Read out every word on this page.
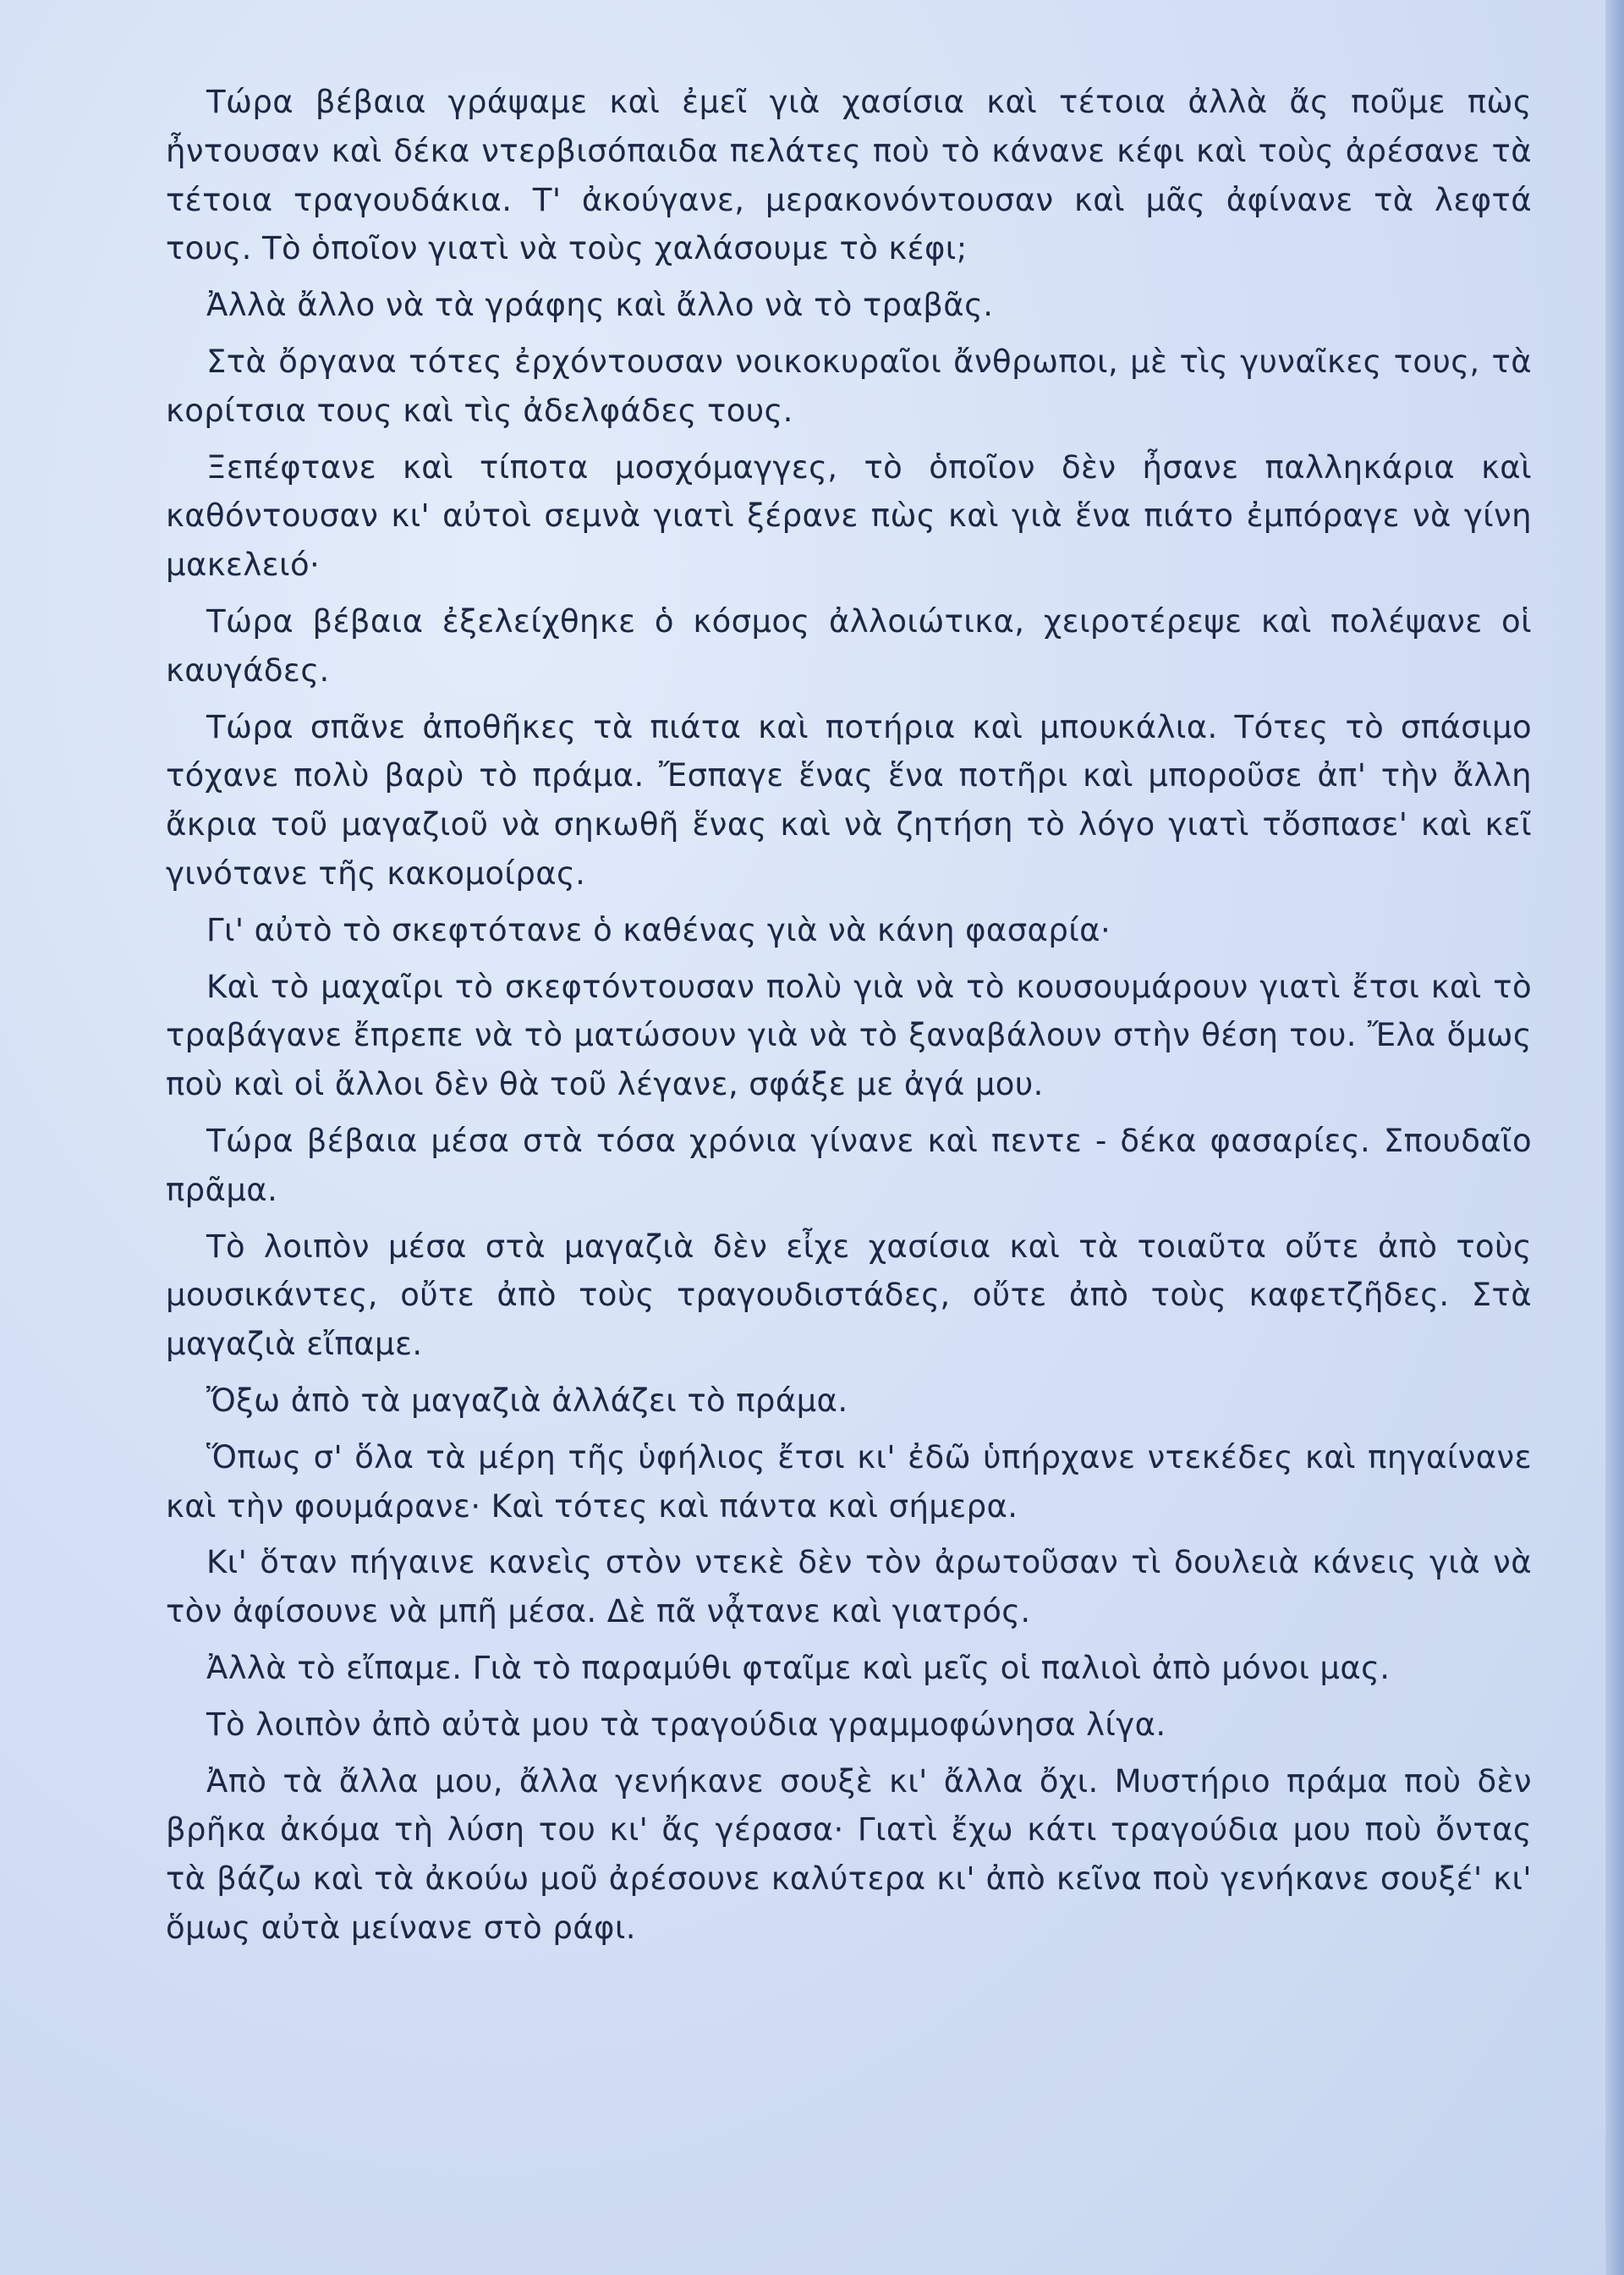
Τώρα βέβαια γράψαμε καὶ ἐμεῖ γιὰ χασίσια καὶ τέτοια ἀλλὰ ἄς ποῦμε πὼς ἦντουσαν καὶ δέκα ντερβισόπαιδα πελάτες ποὺ τὸ κάνανε κέφι καὶ τοὺς ἀρέσανε τὰ τέτοια τραγουδάκια. Τ' ἀκούγανε, μερακονόντουσαν καὶ μᾶς ἀφίνανε τὰ λεφτά τους. Τὸ ὁποῖον γιατὶ νὰ τοὺς χαλάσουμε τὸ κέφι;

Ἀλλὰ ἄλλο νὰ τὰ γράφης καὶ ἄλλο νὰ τὸ τραβᾶς.

Στὰ ὄργανα τότες ἐρχόντουσαν νοικοκυραῖοι ἄνθρωποι, μὲ τὶς γυναῖκες τους, τὰ κορίτσια τους καὶ τὶς ἀδελφάδες τους.

Ξεπέφτανε καὶ τίποτα μοσχόμαγγες, τὸ ὁποῖον δὲν ἦσανε παλληκάρια καὶ καθόντουσαν κι' αὐτοὶ σεμνὰ γιατὶ ξέρανε πὼς καὶ γιὰ ἕνα πιάτο ἐμπόραγε νὰ γίνη μακελειό·

Τώρα βέβαια ἐξελείχθηκε ὁ κόσμος ἀλλοιώτικα, χειροτέρεψε καὶ πολέψανε οἱ καυγάδες.

Τώρα σπᾶνε ἀποθῆκες τὰ πιάτα καὶ ποτήρια καὶ μπουκάλια. Τότες τὸ σπάσιμο τόχανε πολὺ βαρὺ τὸ πράμα. Ἔσπαγε ἕνας ἕνα ποτῆρι καὶ μποροῦσε ἀπ' τὴν ἄλλη ἄκρια τοῦ μαγαζιοῦ νὰ σηκωθῆ ἕνας καὶ νὰ ζητήση τὸ λόγο γιατὶ τὄσπασε' καὶ κεῖ γινότανε τῆς κακομοίρας.

Γι' αὐτὸ τὸ σκεφτότανε ὁ καθένας γιὰ νὰ κάνη φασαρία·

Καὶ τὸ μαχαῖρι τὸ σκεφτόντουσαν πολὺ γιὰ νὰ τὸ κουσουμάρουν γιατὶ ἔτσι καὶ τὸ τραβάγανε ἔπρεπε νὰ τὸ ματώσουν γιὰ νὰ τὸ ξαναβάλουν στὴν θέση του. Ἔλα ὅμως ποὺ καὶ οἱ ἄλλοι δὲν θὰ τοῦ λέγανε, σφάξε με ἀγά μου.

Τώρα βέβαια μέσα στὰ τόσα χρόνια γίνανε καὶ πεντε - δέκα φασαρίες. Σπουδαῖο πρᾶμα.

Τὸ λοιπὸν μέσα στὰ μαγαζιὰ δὲν εἶχε χασίσια καὶ τὰ τοιαῦτα οὔτε ἀπὸ τοὺς μουσικάντες, οὔτε ἀπὸ τοὺς τραγουδιστάδες, οὔτε ἀπὸ τοὺς καφετζῆδες. Στὰ μαγαζιὰ εἴπαμε.

Ὄξω ἀπὸ τὰ μαγαζιὰ ἀλλάζει τὸ πράμα.

Ὅπως σ' ὅλα τὰ μέρη τῆς ὑφήλιος ἔτσι κι' ἐδῶ ὑπήρχανε ντεκέδες καὶ πηγαίνανε καὶ τὴν φουμάρανε· Καὶ τότες καὶ πάντα καὶ σήμερα.

Κι' ὅταν πήγαινε κανεὶς στὸν ντεκὲ δὲν τὸν ἀρωτοῦσαν τὶ δουλειὰ κάνεις γιὰ νὰ τὸν ἀφίσουνε νὰ μπῆ μέσα. Δὲ πᾶ νᾆτανε καὶ γιατρός.

Ἀλλὰ τὸ εἴπαμε. Γιὰ τὸ παραμύθι φταῖμε καὶ μεῖς οἱ παλιοὶ ἀπὸ μόνοι μας.

Τὸ λοιπὸν ἀπὸ αὐτὰ μου τὰ τραγούδια γραμμοφώνησα λίγα.

Ἀπὸ τὰ ἄλλα μου, ἄλλα γενήκανε σουξὲ κι' ἄλλα ὄχι. Μυστήριο πράμα ποὺ δὲν βρῆκα ἀκόμα τὴ λύση του κι' ἄς γέρασα· Γιατὶ ἔχω κάτι τραγούδια μου ποὺ ὄντας τὰ βάζω καὶ τὰ ἀκούω μοῦ ἀρέσουνε καλύτερα κι' ἀπὸ κεῖνα ποὺ γενήκανε σουξέ' κι' ὅμως αὐτὰ μείνανε στὸ ράφι.
